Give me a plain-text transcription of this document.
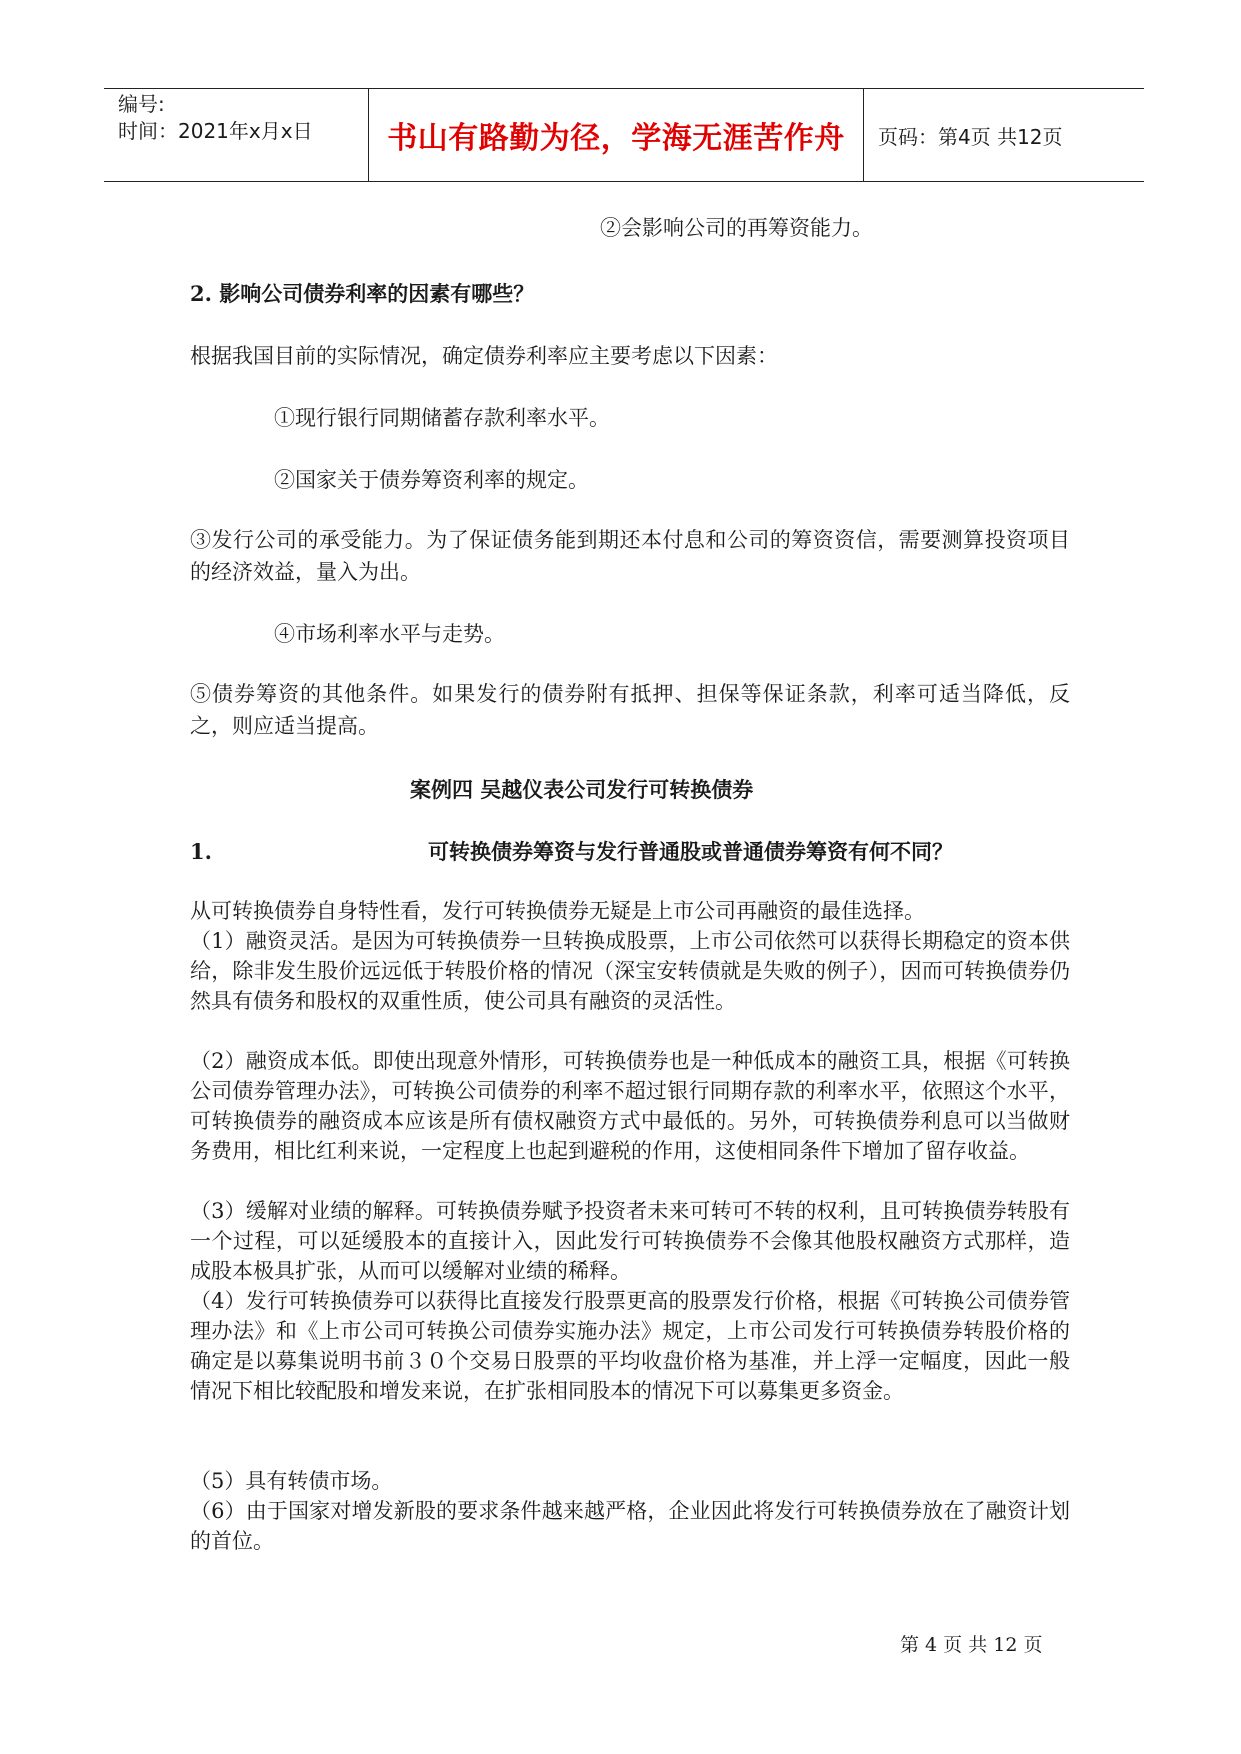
编号:
时间：2021年x月x日	书山有路勤为径，学海无涯苦作舟	页码：第4页 共12页
②会影响公司的再筹资能力。
2. 影响公司债券利率的因素有哪些？
根据我国目前的实际情况，确定债券利率应主要考虑以下因素：
①现行银行同期储蓄存款利率水平。
②国家关于债券筹资利率的规定。
③发行公司的承受能力。为了保证债务能到期还本付息和公司的筹资资信，需要测算投资项目的经济效益，量入为出。
④市场利率水平与走势。
⑤债券筹资的其他条件。如果发行的债券附有抵押、担保等保证条款，利率可适当降低，反之，则应适当提高。
案例四 吴越仪表公司发行可转换债券
1.	可转换债券筹资与发行普通股或普通债券筹资有何不同？
从可转换债券自身特性看，发行可转换债券无疑是上市公司再融资的最佳选择。
（1）融资灵活。是因为可转换债券一旦转换成股票，上市公司依然可以获得长期稳定的资本供给，除非发生股价远远低于转股价格的情况（深宝安转债就是失败的例子），因而可转换债券仍然具有债务和股权的双重性质，使公司具有融资的灵活性。
（2）融资成本低。即使出现意外情形，可转换债券也是一种低成本的融资工具，根据《可转换公司债券管理办法》，可转换公司债券的利率不超过银行同期存款的利率水平，依照这个水平，可转换债券的融资成本应该是所有债权融资方式中最低的。另外，可转换债券利息可以当做财务费用，相比红利来说，一定程度上也起到避税的作用，这使相同条件下增加了留存收益。
（3）缓解对业绩的解释。可转换债券赋予投资者未来可转可不转的权利，且可转换债券转股有一个过程，可以延缓股本的直接计入，因此发行可转换债券不会像其他股权融资方式那样，造成股本极具扩张，从而可以缓解对业绩的稀释。
（4）发行可转换债券可以获得比直接发行股票更高的股票发行价格，根据《可转换公司债券管理办法》和《上市公司可转换公司债券实施办法》规定，上市公司发行可转换债券转股价格的确定是以募集说明书前３０个交易日股票的平均收盘价格为基准，并上浮一定幅度，因此一般情况下相比较配股和增发来说，在扩张相同股本的情况下可以募集更多资金。
（5）具有转债市场。
（6）由于国家对增发新股的要求条件越来越严格，企业因此将发行可转换债券放在了融资计划的首位。
第 4 页 共 12 页
